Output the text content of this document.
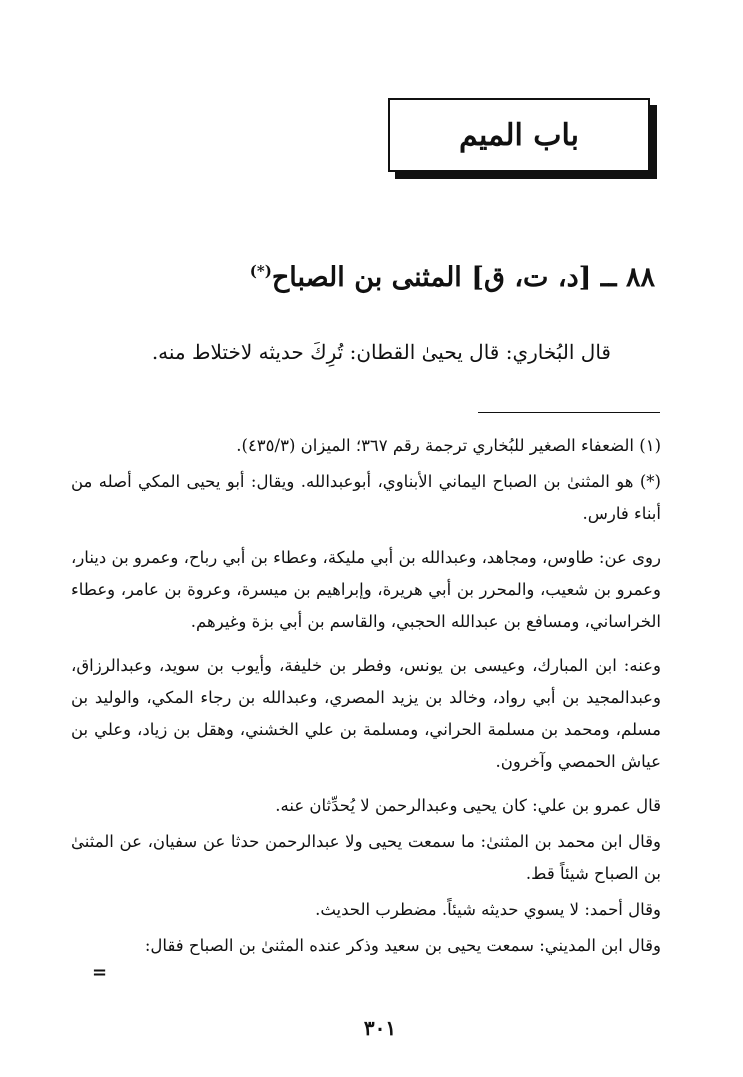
باب الميم
٨٨ ــ [د، ت، ق] المثنى بن الصباح(*)
قال البُخاري: قال يحيىٰ القطان: تُرِكَ حديثه لاختلاط منه.

(١) الضعفاء الصغير للبُخاري ترجمة رقم ٣٦٧؛ الميزان (٤٣٥/٣).

(*) هو المثنىٰ بن الصباح اليماني الأبناوي، أبوعبدالله. ويقال: أبو يحيى المكي أصله من أبناء فارس.

روى عن: طاوس، ومجاهد، وعبدالله بن أبي مليكة، وعطاء بن أبي رباح، وعمرو بن دينار، وعمرو بن شعيب، والمحرر بن أبي هريرة، وإبراهيم بن ميسرة، وعروة بن عامر، وعطاء الخراساني، ومسافع بن عبدالله الحجبي، والقاسم بن أبي بزة وغيرهم.

وعنه: ابن المبارك، وعيسى بن يونس، وفطر بن خليفة، وأيوب بن سويد، وعبدالرزاق، وعبدالمجيد بن أبي رواد، وخالد بن يزيد المصري، وعبدالله بن رجاء المكي، والوليد بن مسلم، ومحمد بن مسلمة الحراني، ومسلمة بن علي الخشني، وهقل بن زياد، وعلي بن عياش الحمصي وآخرون.

قال عمرو بن علي: كان يحيى وعبدالرحمن لا يُحدِّثان عنه.

وقال ابن محمد بن المثنىٰ: ما سمعت يحيى ولا عبدالرحمن حدثا عن سفيان، عن المثنىٰ بن الصباح شيئاً قط.

وقال أحمد: لا يسوي حديثه شيئاً. مضطرب الحديث.

وقال ابن المديني: سمعت يحيى بن سعيد وذكر عنده المثنىٰ بن الصباح فقال:

=
٣٠١
